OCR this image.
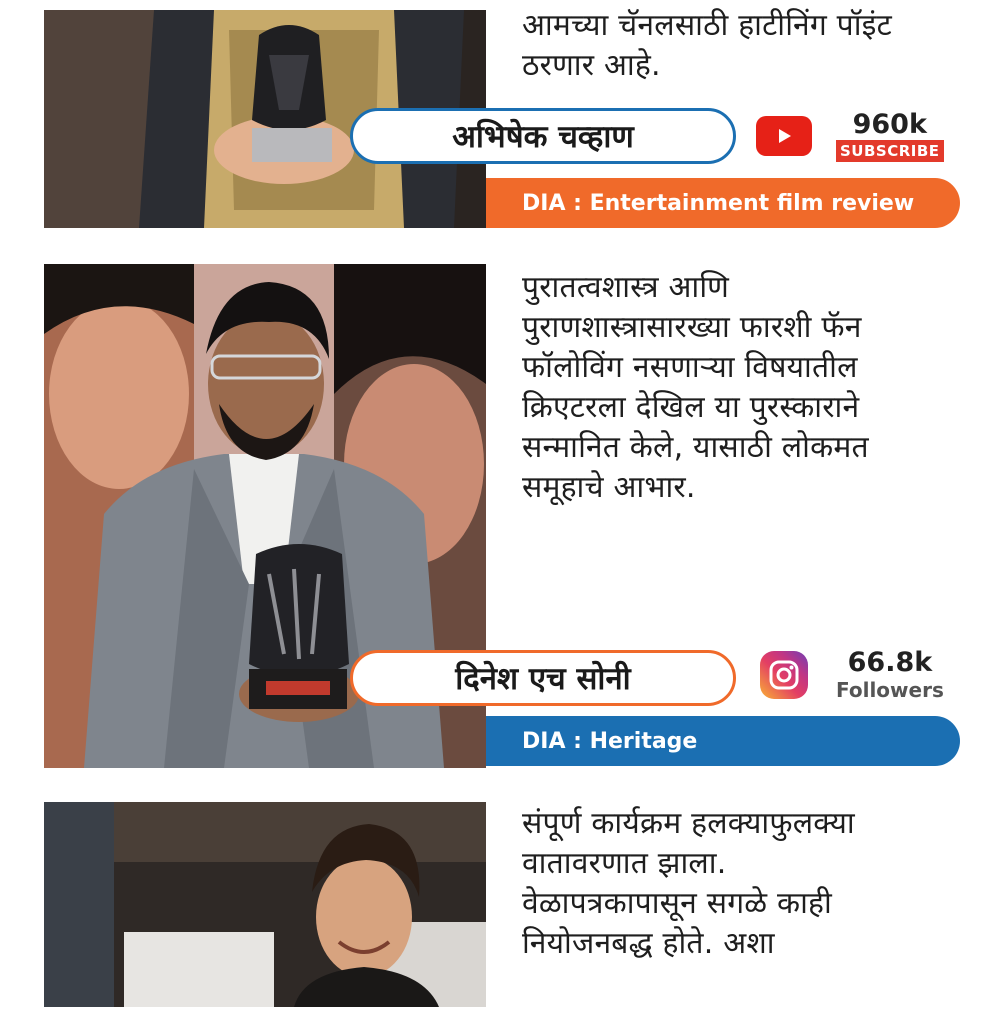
आमच्या चॅनलसाठी हाटीनिंग पॉइंट
ठरणार आहे.
अभिषेक चव्हाण	960k
SUBSCRIBE
DIA : Entertainment film review
पुरातत्वशास्त्र आणि
पुराणशास्त्रासारख्या फारशी फॅन
फॉलोविंग नसणाऱ्या विषयातील
क्रिएटरला देखिल या पुरस्काराने
सन्मानित केले, यासाठी लोकमत
समूहाचे आभार.
दिनेश एच सोनी	66.8k
Followers
DIA : Heritage
संपूर्ण कार्यक्रम हलक्याफुलक्या
वातावरणात झाला.
वेळापत्रकापासून सगळे काही
नियोजनबद्ध होते. अशा
